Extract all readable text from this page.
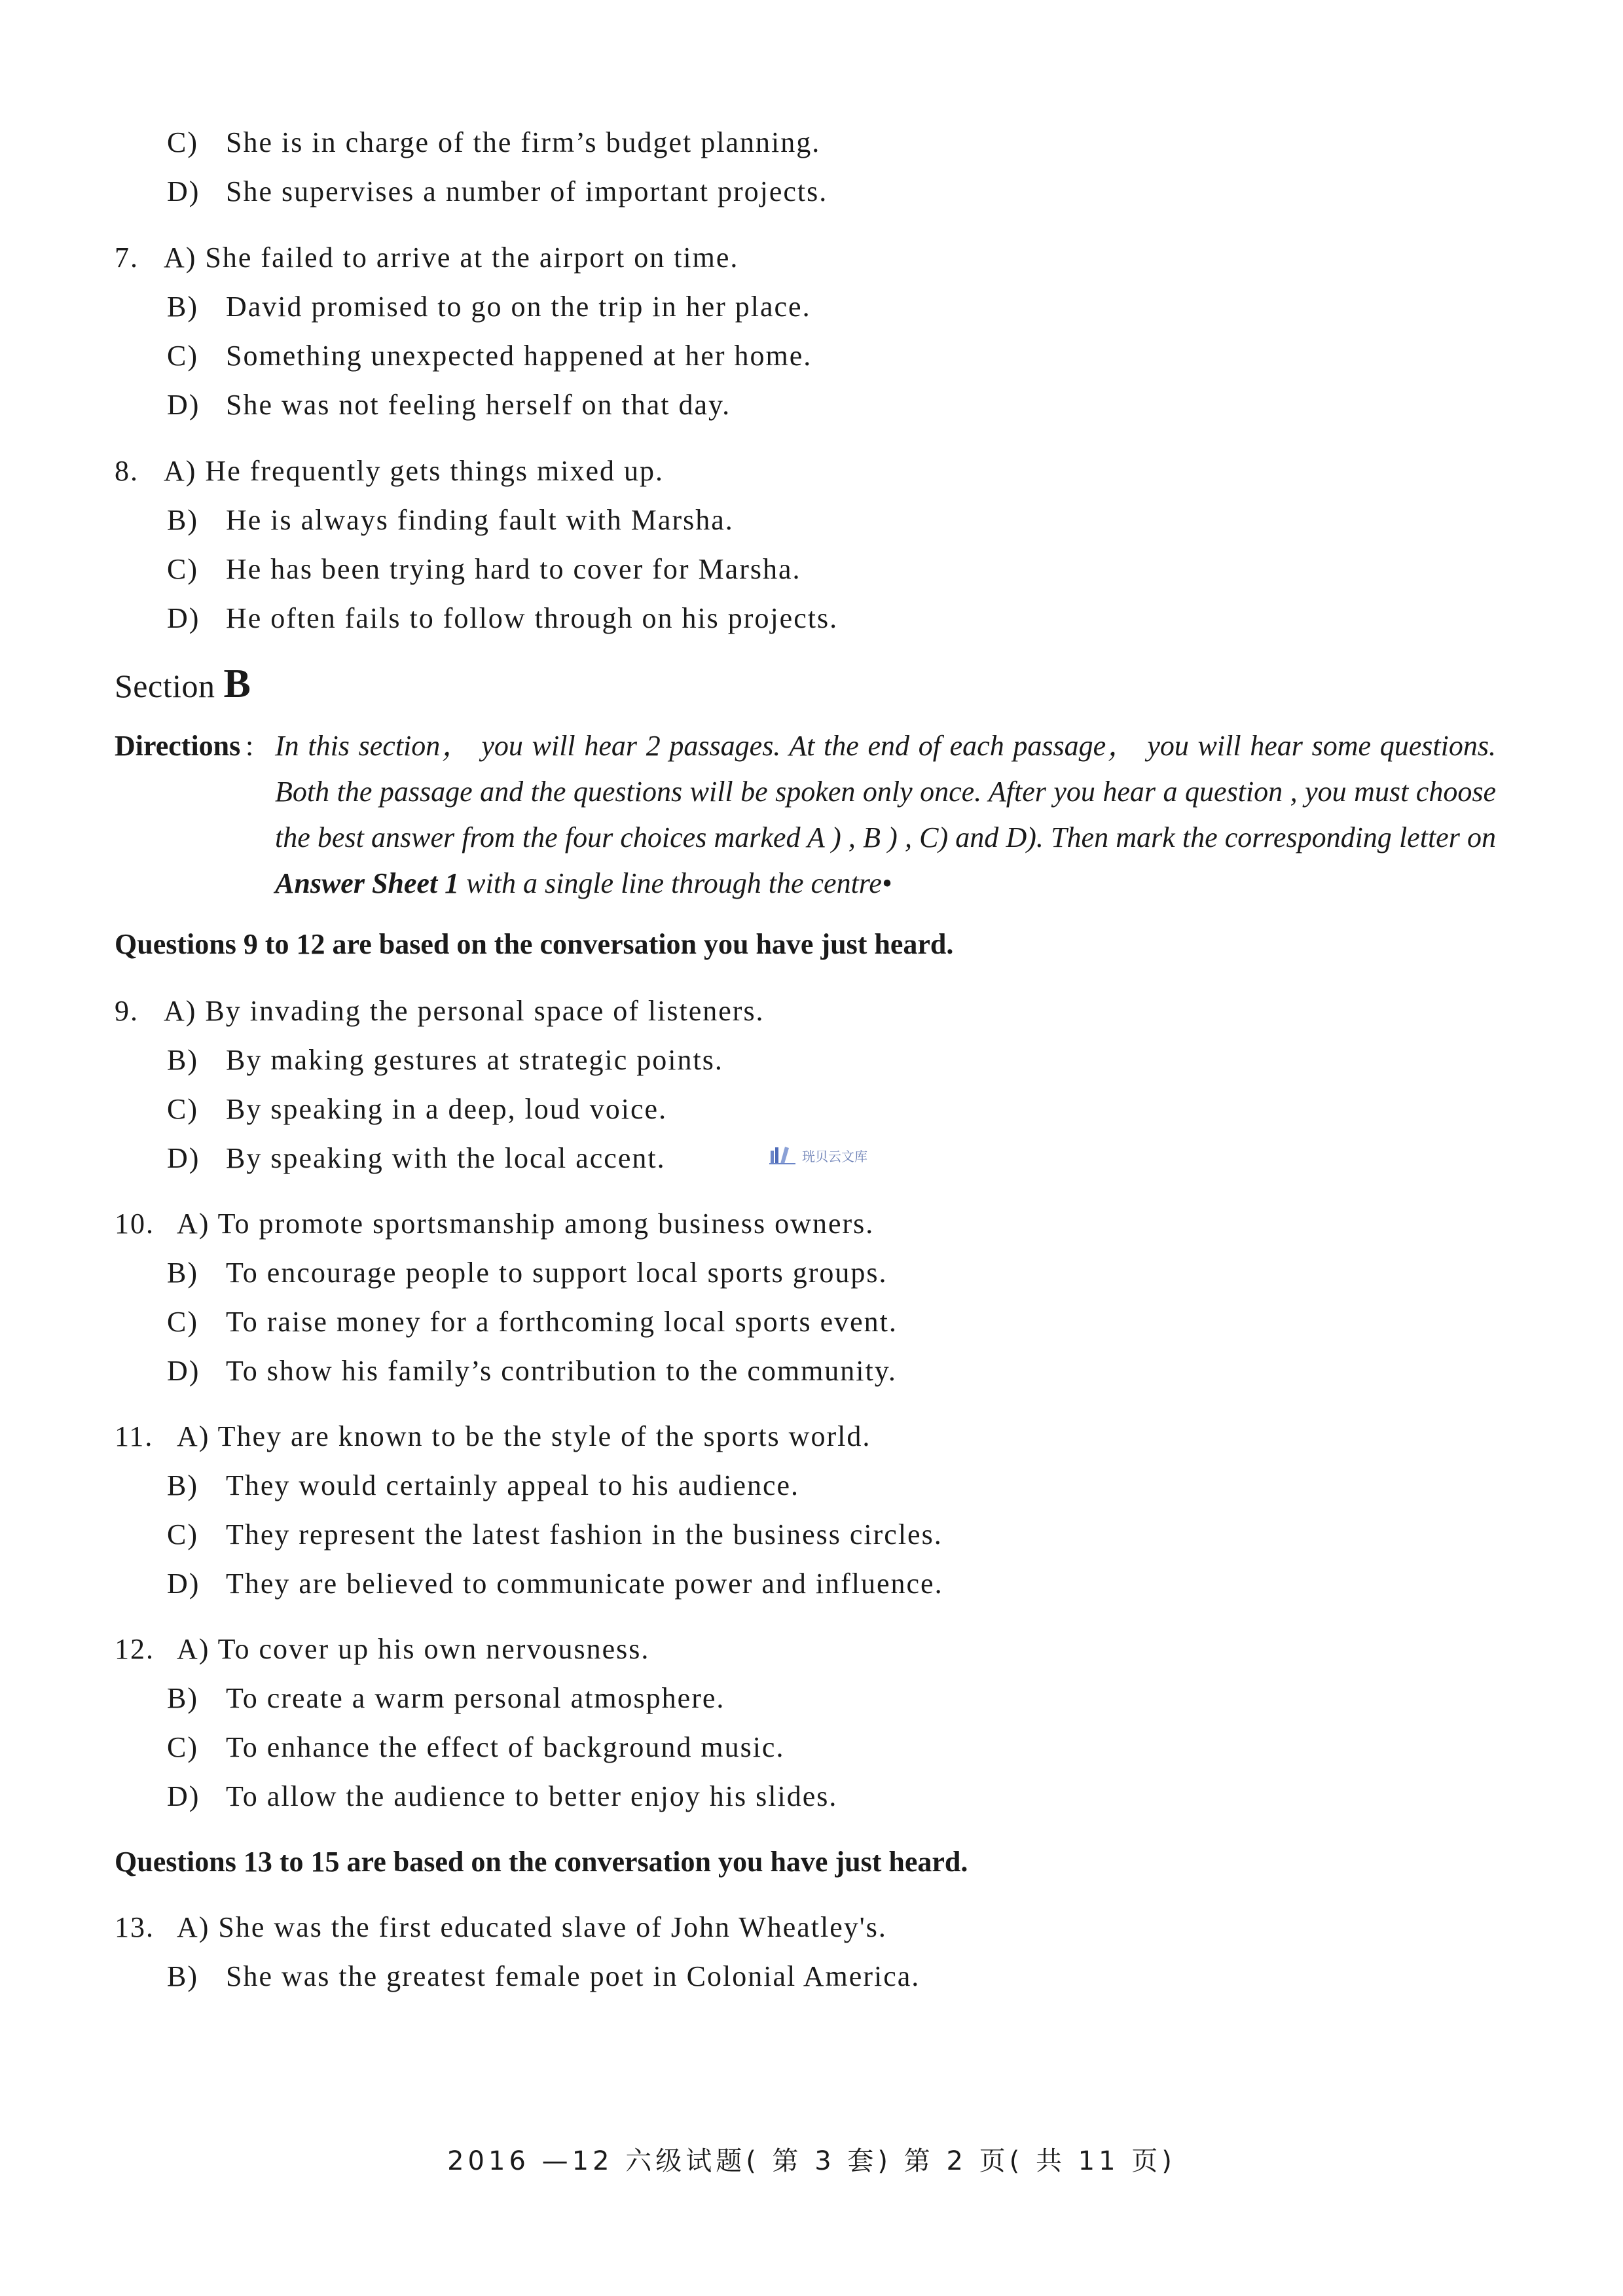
C) She is in charge of the firm’s budget planning.
D) She supervises a number of important projects.
7. A) She failed to arrive at the airport on time.
B) David promised to go on the trip in her place.
C) Something unexpected happened at her home.
D) She was not feeling herself on that day.
8. A) He frequently gets things mixed up.
B) He is always finding fault with Marsha.
C) He has been trying hard to cover for Marsha.
D) He often fails to follow through on his projects.
Section B
Directions : In this section， you will hear 2 passages. At the end of each passage， you will hear some questions. Both the passage and the questions will be spoken only once. After you hear a question , you must choose the best answer from the four choices marked A ) , B ) , C) and D). Then mark the corresponding letter on Answer Sheet 1 with a single line through the centre•
Questions 9 to 12 are based on the conversation you have just heard.
9. A) By invading the personal space of listeners.
B) By making gestures at strategic points.
C) By speaking in a deep, loud voice.
D) By speaking with the local accent.	珖贝云文库
10. A) To promote sportsmanship among business owners.
B) To encourage people to support local sports groups.
C) To raise money for a forthcoming local sports event.
D) To show his family’s contribution to the community.
11. A) They are known to be the style of the sports world.
B) They would certainly appeal to his audience.
C) They represent the latest fashion in the business circles.
D) They are believed to communicate power and influence.
12. A) To cover up his own nervousness.
B) To create a warm personal atmosphere.
C) To enhance the effect of background music.
D) To allow the audience to better enjoy his slides.
Questions 13 to 15 are based on the conversation you have just heard.
13. A) She was the first educated slave of John Wheatley's.
B) She was the greatest female poet in Colonial America.
2016 —12 六级试题( 第 3 套) 第 2 页( 共 11 页)
